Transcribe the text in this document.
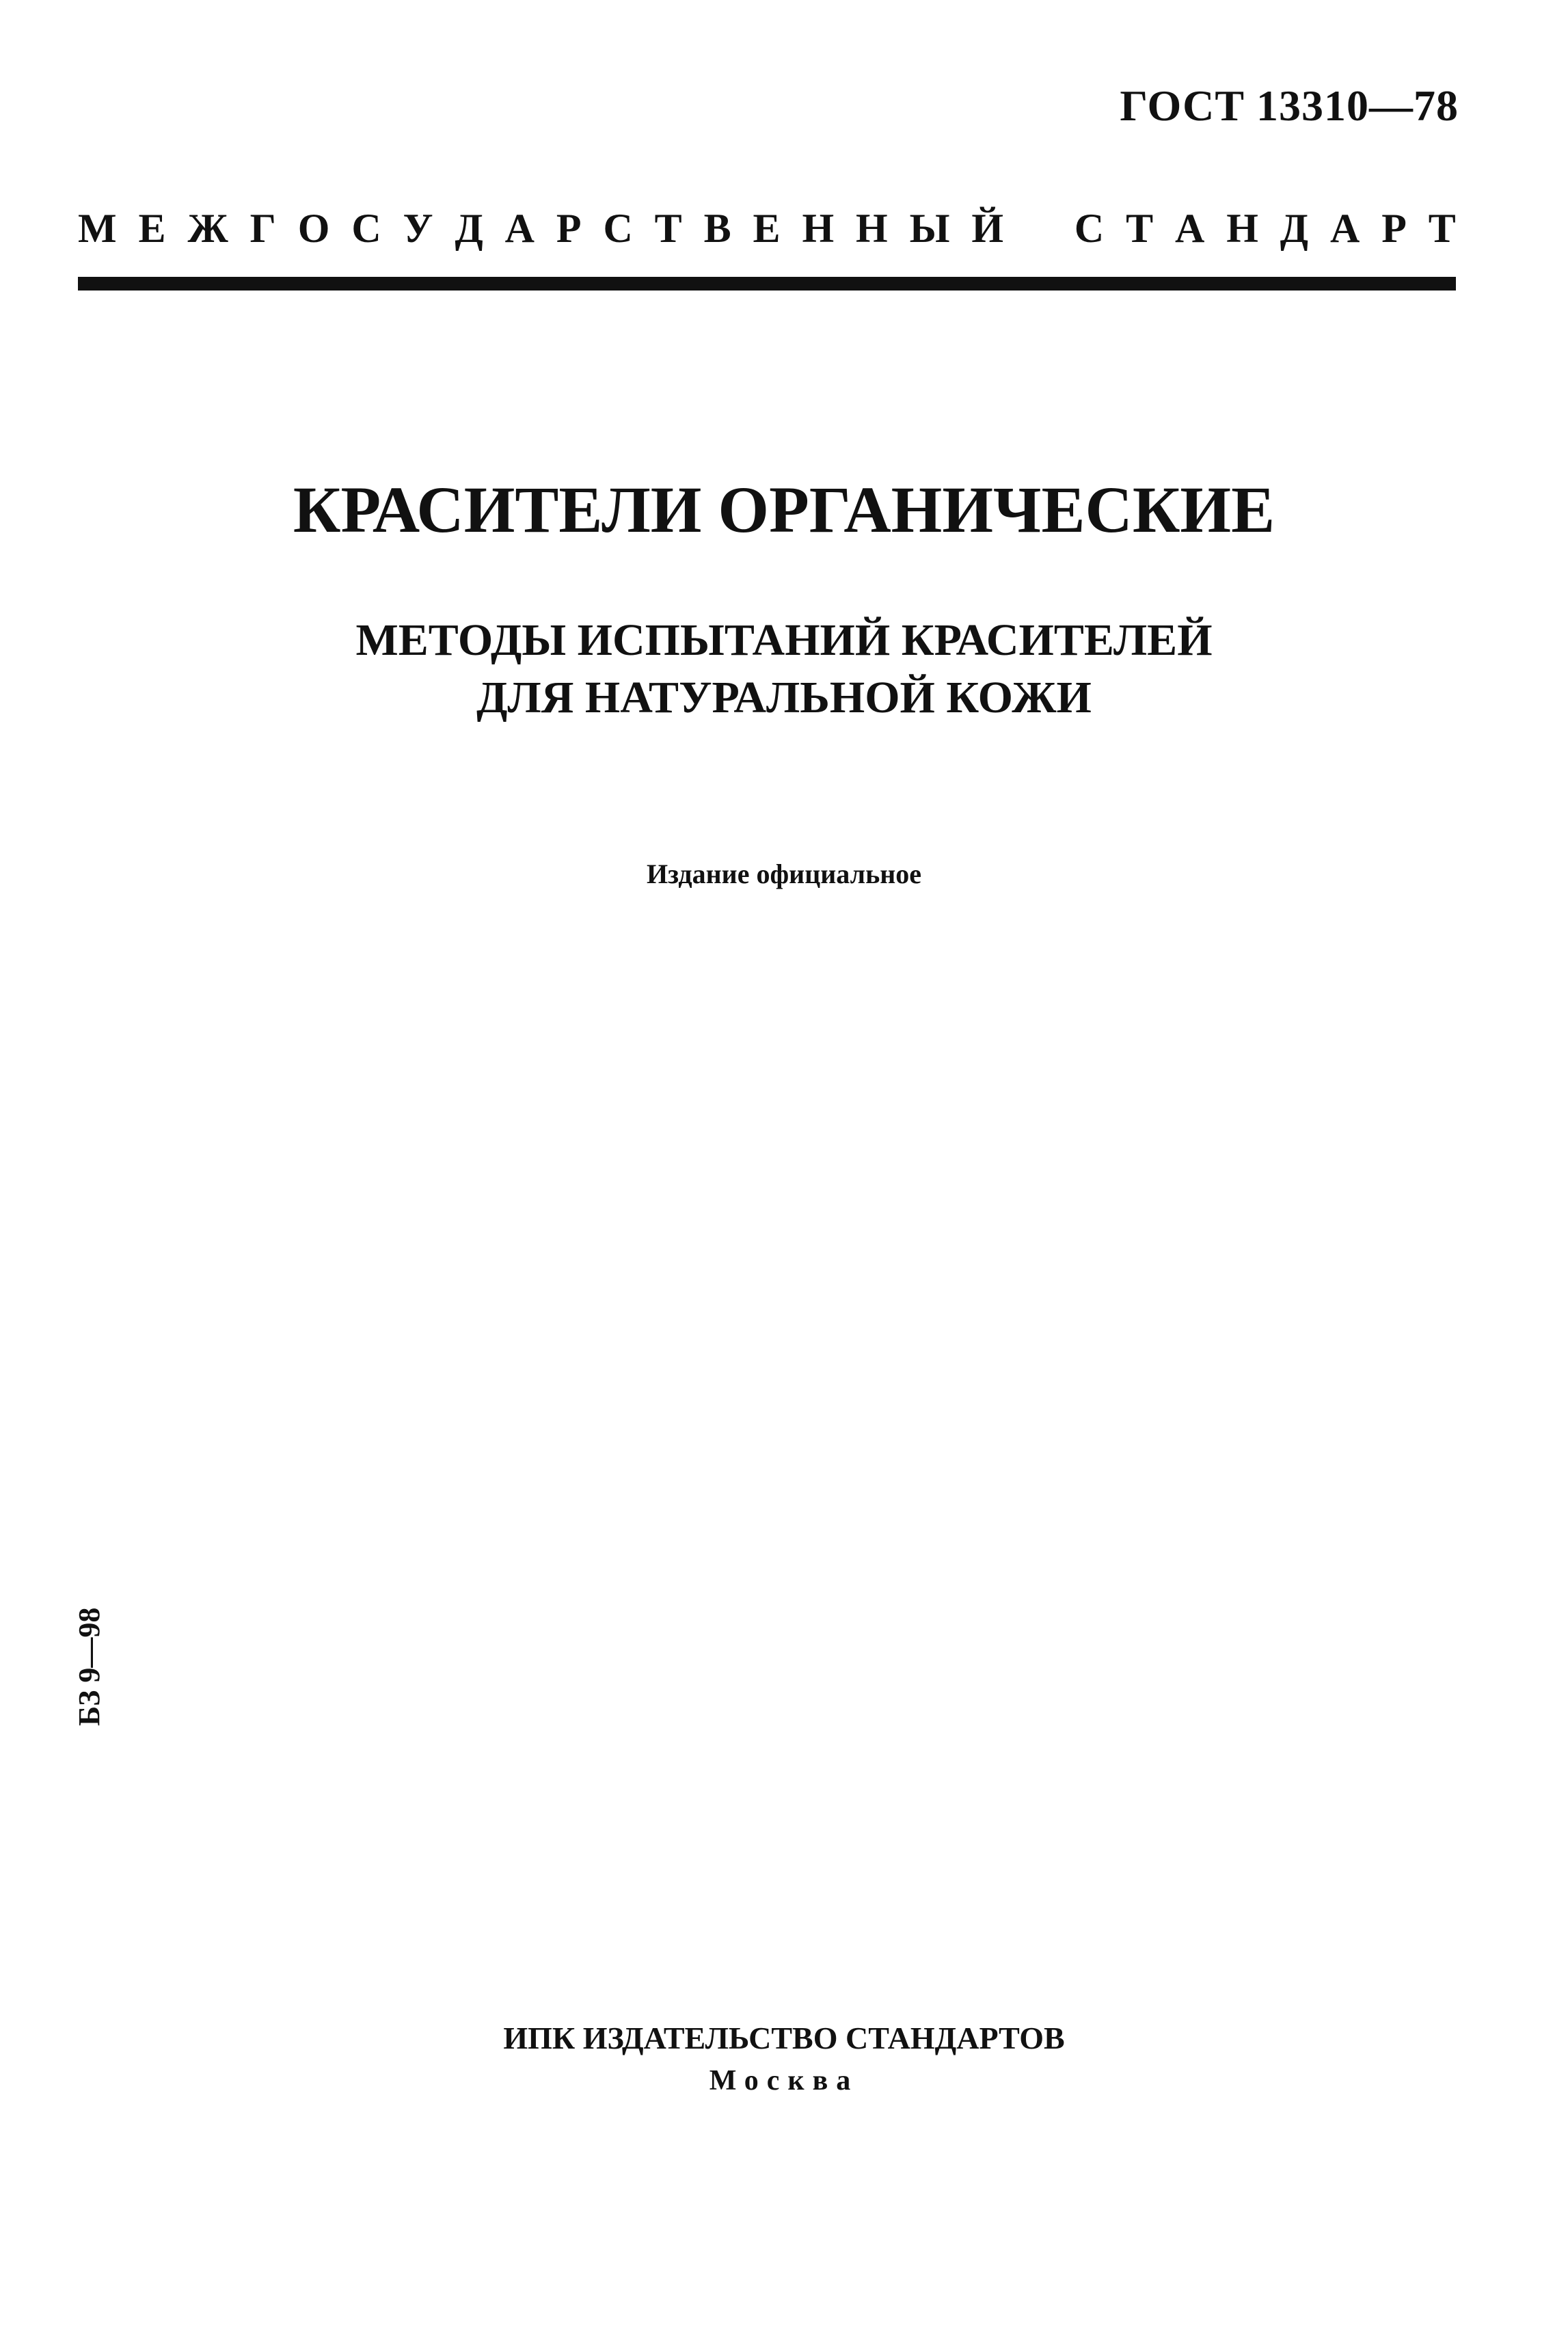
ГОСТ 13310—78
М Е Ж Г О С У Д А Р С Т В Е Н Н Ы Й С Т А Н Д А Р Т
КРАСИТЕЛИ ОРГАНИЧЕСКИЕ
МЕТОДЫ ИСПЫТАНИЙ КРАСИТЕЛЕЙ
ДЛЯ НАТУРАЛЬНОЙ КОЖИ
Издание официальное
БЗ 9—98
ИПК ИЗДАТЕЛЬСТВО СТАНДАРТОВ
Москва
